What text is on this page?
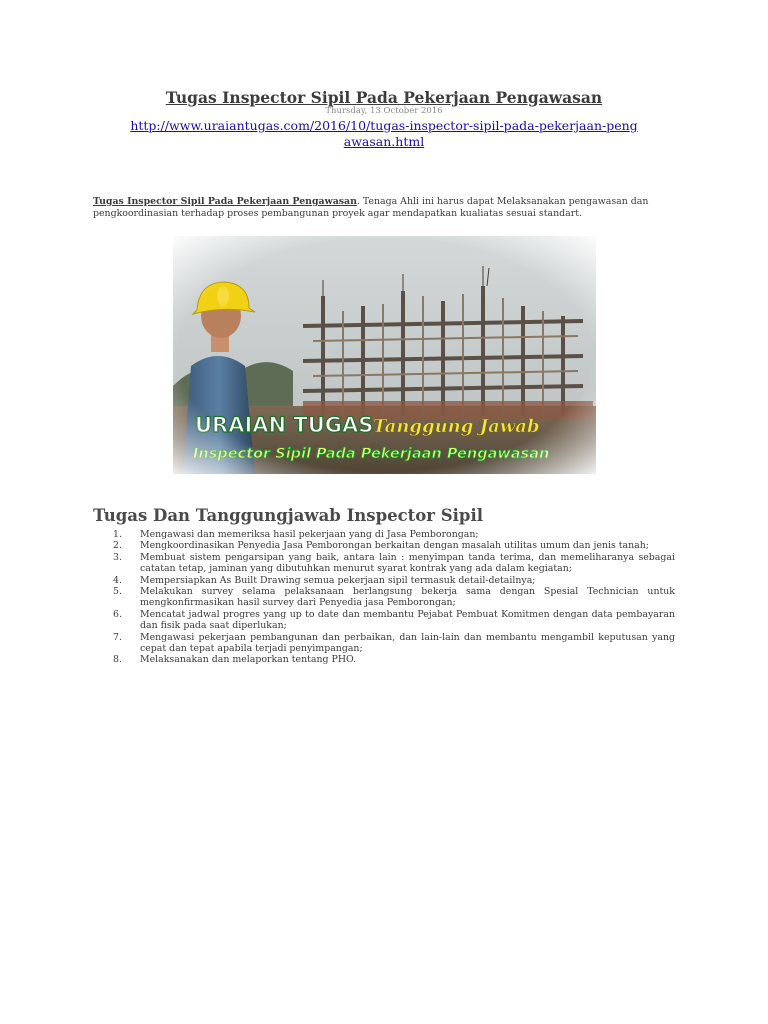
Tugas Inspector Sipil Pada Pekerjaan Pengawasan
Thursday, 13 October 2016
http://www.uraiantugas.com/2016/10/tugas-inspector-sipil-pada-pekerjaan-pengawasan.html

Tugas Inspector Sipil Pada Pekerjaan Pengawasan. Tenaga Ahli ini harus dapat Melaksanakan pengawasan dan pengkoordinasian terhadap proses pembangunan proyek agar mendapatkan kualiatas sesuai standart.

Tugas Dan Tanggungjawab Inspector Sipil
1. Mengawasi dan memeriksa hasil pekerjaan yang di Jasa Pemborongan;
2. Mengkoordinasikan Penyedia Jasa Pemborongan berkaitan dengan masalah utilitas umum dan jenis tanah;
3. Membuat sistem pengarsipan yang baik, antara lain : menyimpan tanda terima, dan memeliharanya sebagai catatan tetap, jaminan yang dibutuhkan menurut syarat kontrak yang ada dalam kegiatan;
4. Mempersiapkan As Built Drawing semua pekerjaan sipil termasuk detail-detailnya;
5. Melakukan survey selama pelaksanaan berlangsung bekerja sama dengan Spesial Technician untuk mengkonfirmasikan hasil survey dari Penyedia jasa Pemborongan;
6. Mencatat jadwal progres yang up to date dan membantu Pejabat Pembuat Komitmen dengan data pembayaran dan fisik pada saat diperlukan;
7. Mengawasi pekerjaan pembangunan dan perbaikan, dan lain-lain dan membantu mengambil keputusan yang cepat dan tepat apabila terjadi penyimpangan;
8. Melaksanakan dan melaporkan tentang PHO.
